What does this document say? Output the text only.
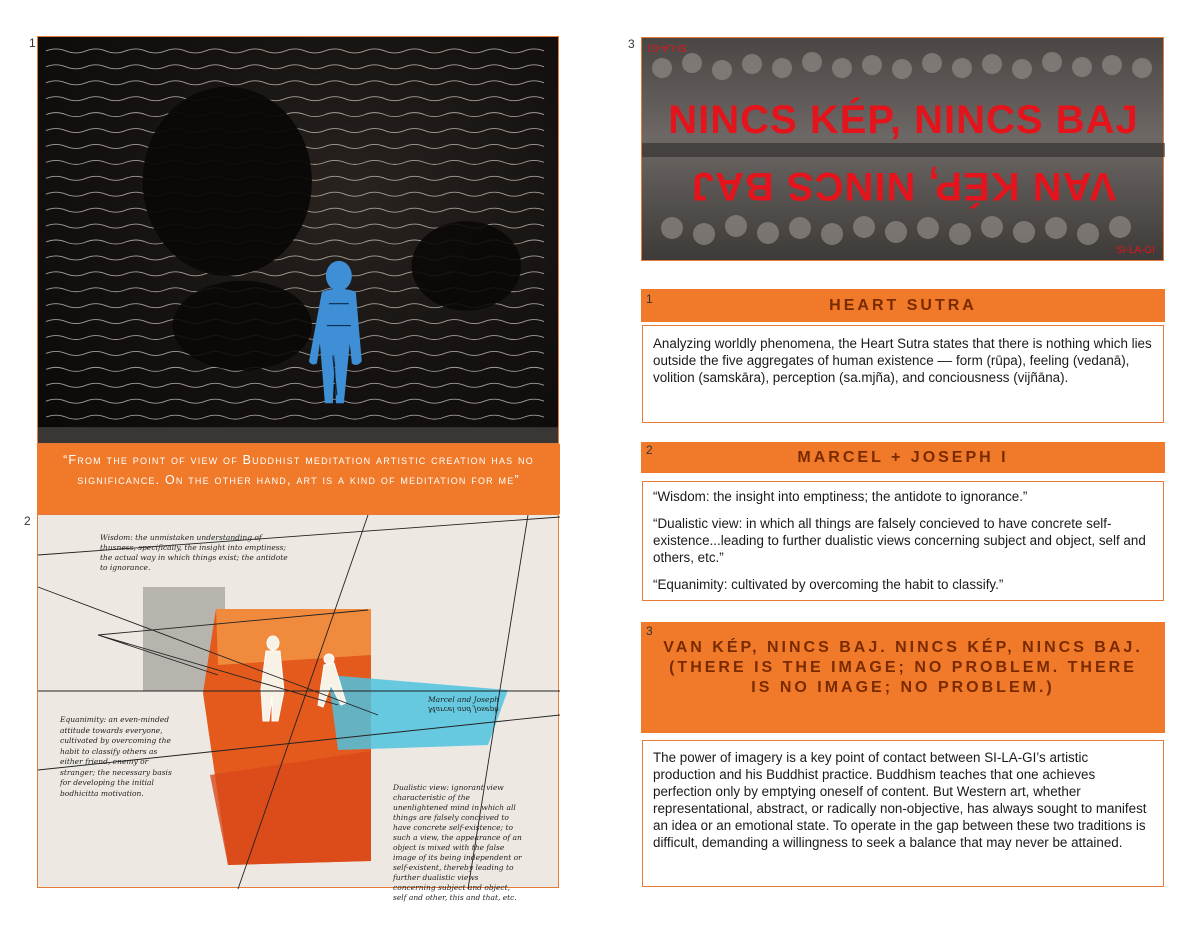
1
“From the point of view of Buddhist meditation artistic creation has no significance. On the other hand, art is a kind of meditation for me”
2
Wisdom: the unmistaken understanding of thusness, specifically, the insight into emptiness; the actual way in which things exist; the antidote to ignorance.
Equanimity: an even-minded attitude towards everyone, cultivated by overcoming the habit to classify others as either friend, enemy or stranger; the necessary basis for developing the initial bodhicitta motivation.
Dualistic view: ignorant view characteristic of the unenlightened mind in which all things are falsely conceived to have concrete self-existence; to such a view, the appearance of an object is mixed with the false image of its being independent or self-existent, thereby leading to further dualistic views concerning subject and object, self and other, this and that, etc.
Marcel and Joseph
Marcel and Joseph
3 SI-LA-GI
NINCS KÉP, NINCS BAJ
VAN KÉP, NINCS BAJ
SI-LA-GI
HEART SUTRA
1

Analyzing worldly phenomena, the Heart Sutra states that there is nothing which lies outside the five aggregates of human existence –– form (rūpa), feeling (vedanā), volition (samskāra), perception (sa.mjña), and conciousness (vijñāna).

MARCEL + JOSEPH I
2

“Wisdom: the insight into emptiness; the antidote to ignorance.”

“Dualistic view: in which all things are falsely concieved to have concrete self-existence...leading to further dualistic views concerning subject and object, self and others, etc.”

“Equanimity: cultivated by overcoming the habit to classify.”

VAN KÉP, NINCS BAJ. NINCS KÉP, NINCS BAJ. (THERE IS THE IMAGE; NO PROBLEM. THERE IS NO IMAGE; NO PROBLEM.)
3

The power of imagery is a key point of contact between SI-LA-GI’s artistic production and his Buddhist practice. Buddhism teaches that one achieves perfection only by emptying oneself of content. But Western art, whether representational, abstract, or radically non-objective, has always sought to manifest an idea or an emotional state. To operate in the gap between these two traditions is difficult, demanding a willingness to seek a balance that may never be attained.
